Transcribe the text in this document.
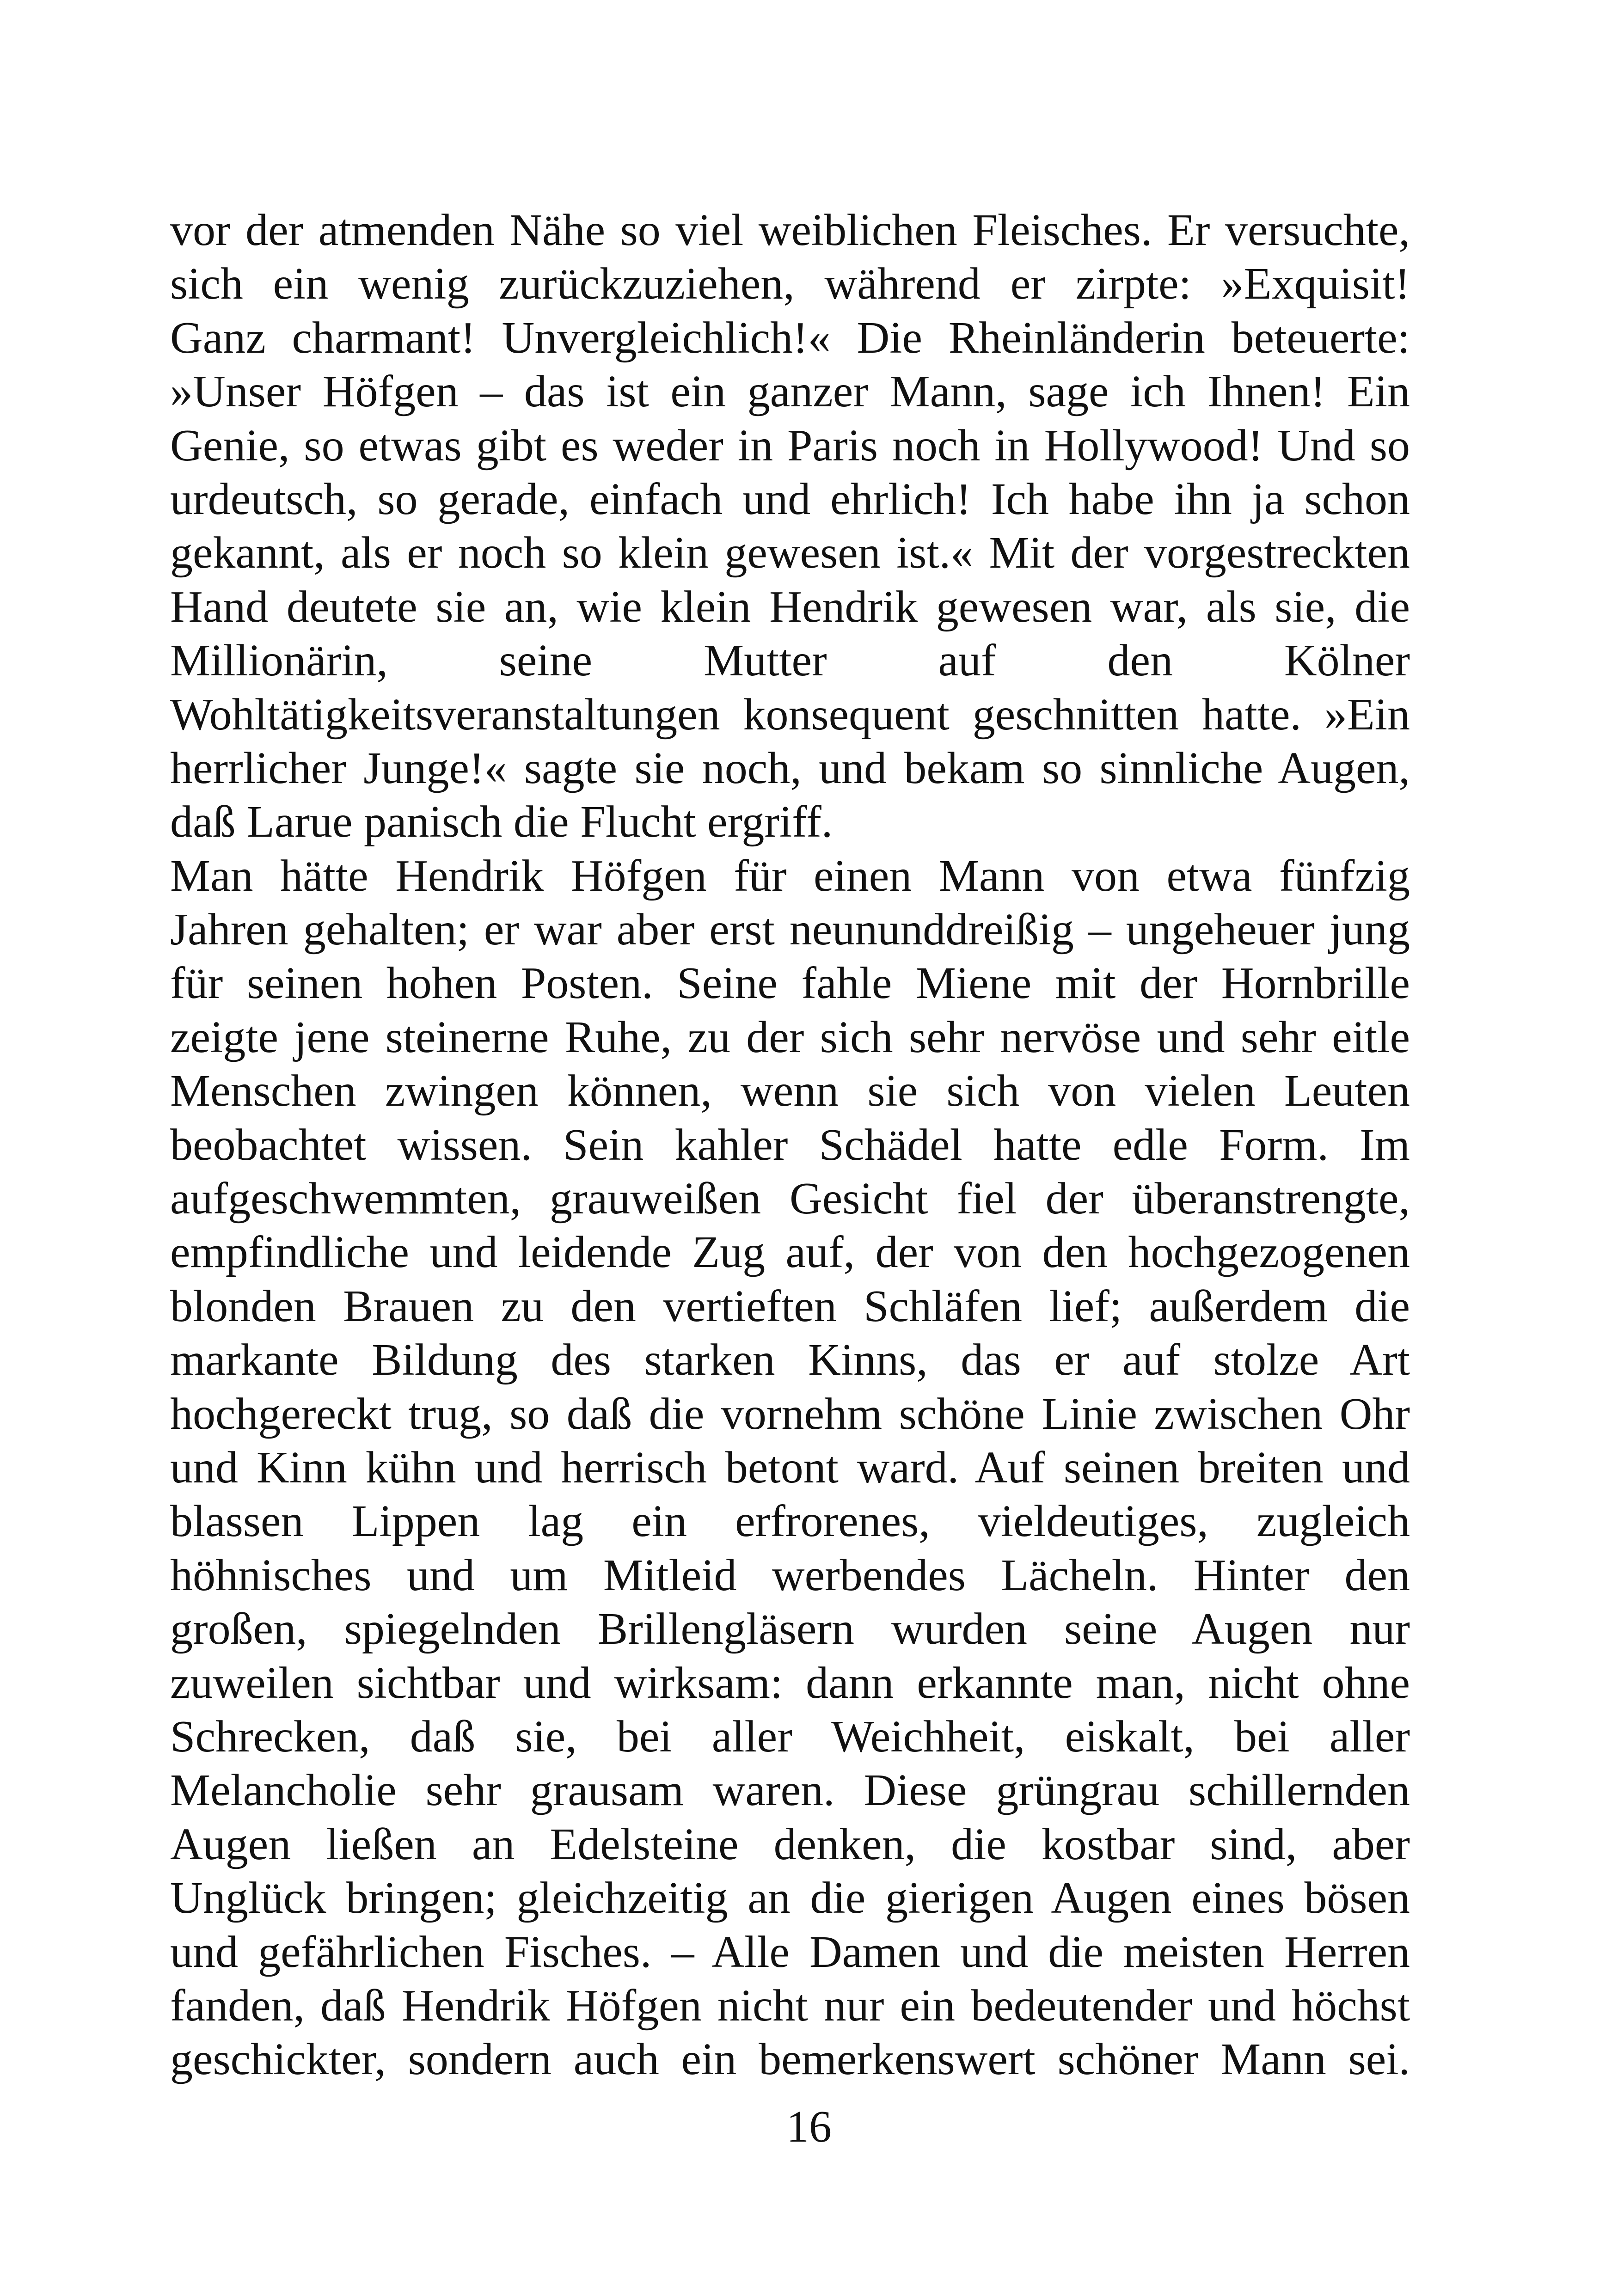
vor der atmenden Nähe so viel weiblichen Fleisches. Er versuchte,
sich ein wenig zurückzuziehen, während er zirpte: »Exquisit!
Ganz charmant! Unvergleichlich!« Die Rheinländerin beteuerte:
»Unser Höfgen – das ist ein ganzer Mann, sage ich Ihnen! Ein
Genie, so etwas gibt es weder in Paris noch in Hollywood! Und so
urdeutsch, so gerade, einfach und ehrlich! Ich habe ihn ja schon
gekannt, als er noch so klein gewesen ist.« Mit der vorgestreckten
Hand deutete sie an, wie klein Hendrik gewesen war, als sie, die
Millionärin, seine Mutter auf den Kölner
Wohltätigkeitsveranstaltungen konsequent geschnitten hatte. »Ein
herrlicher Junge!« sagte sie noch, und bekam so sinnliche Augen,
daß Larue panisch die Flucht ergriff.
Man hätte Hendrik Höfgen für einen Mann von etwa fünfzig
Jahren gehalten; er war aber erst neununddreißig – ungeheuer jung
für seinen hohen Posten. Seine fahle Miene mit der Hornbrille
zeigte jene steinerne Ruhe, zu der sich sehr nervöse und sehr eitle
Menschen zwingen können, wenn sie sich von vielen Leuten
beobachtet wissen. Sein kahler Schädel hatte edle Form. Im
aufgeschwemmten, grauweißen Gesicht fiel der überanstrengte,
empfindliche und leidende Zug auf, der von den hochgezogenen
blonden Brauen zu den vertieften Schläfen lief; außerdem die
markante Bildung des starken Kinns, das er auf stolze Art
hochgereckt trug, so daß die vornehm schöne Linie zwischen Ohr
und Kinn kühn und herrisch betont ward. Auf seinen breiten und
blassen Lippen lag ein erfrorenes, vieldeutiges, zugleich
höhnisches und um Mitleid werbendes Lächeln. Hinter den
großen, spiegelnden Brillengläsern wurden seine Augen nur
zuweilen sichtbar und wirksam: dann erkannte man, nicht ohne
Schrecken, daß sie, bei aller Weichheit, eiskalt, bei aller
Melancholie sehr grausam waren. Diese grüngrau schillernden
Augen ließen an Edelsteine denken, die kostbar sind, aber
Unglück bringen; gleichzeitig an die gierigen Augen eines bösen
und gefährlichen Fisches. – Alle Damen und die meisten Herren
fanden, daß Hendrik Höfgen nicht nur ein bedeutender und höchst
geschickter, sondern auch ein bemerkenswert schöner Mann sei.
16
